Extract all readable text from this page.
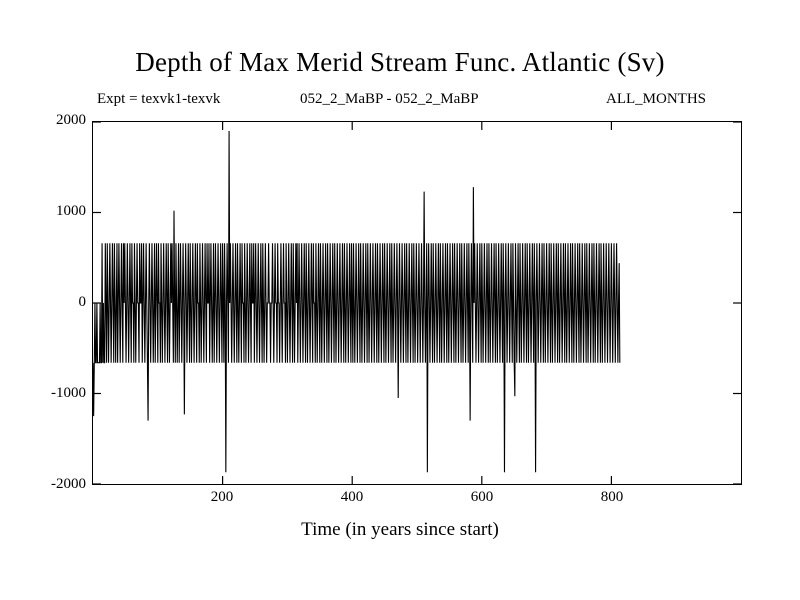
Depth of Max Merid Stream Func. Atlantic (Sv)
Expt = texvk1-texvk	052_2_MaBP - 052_2_MaBP	ALL_MONTHS
-2000
-1000
0
1000
2000
200	400	600	800
Time (in years since start)
